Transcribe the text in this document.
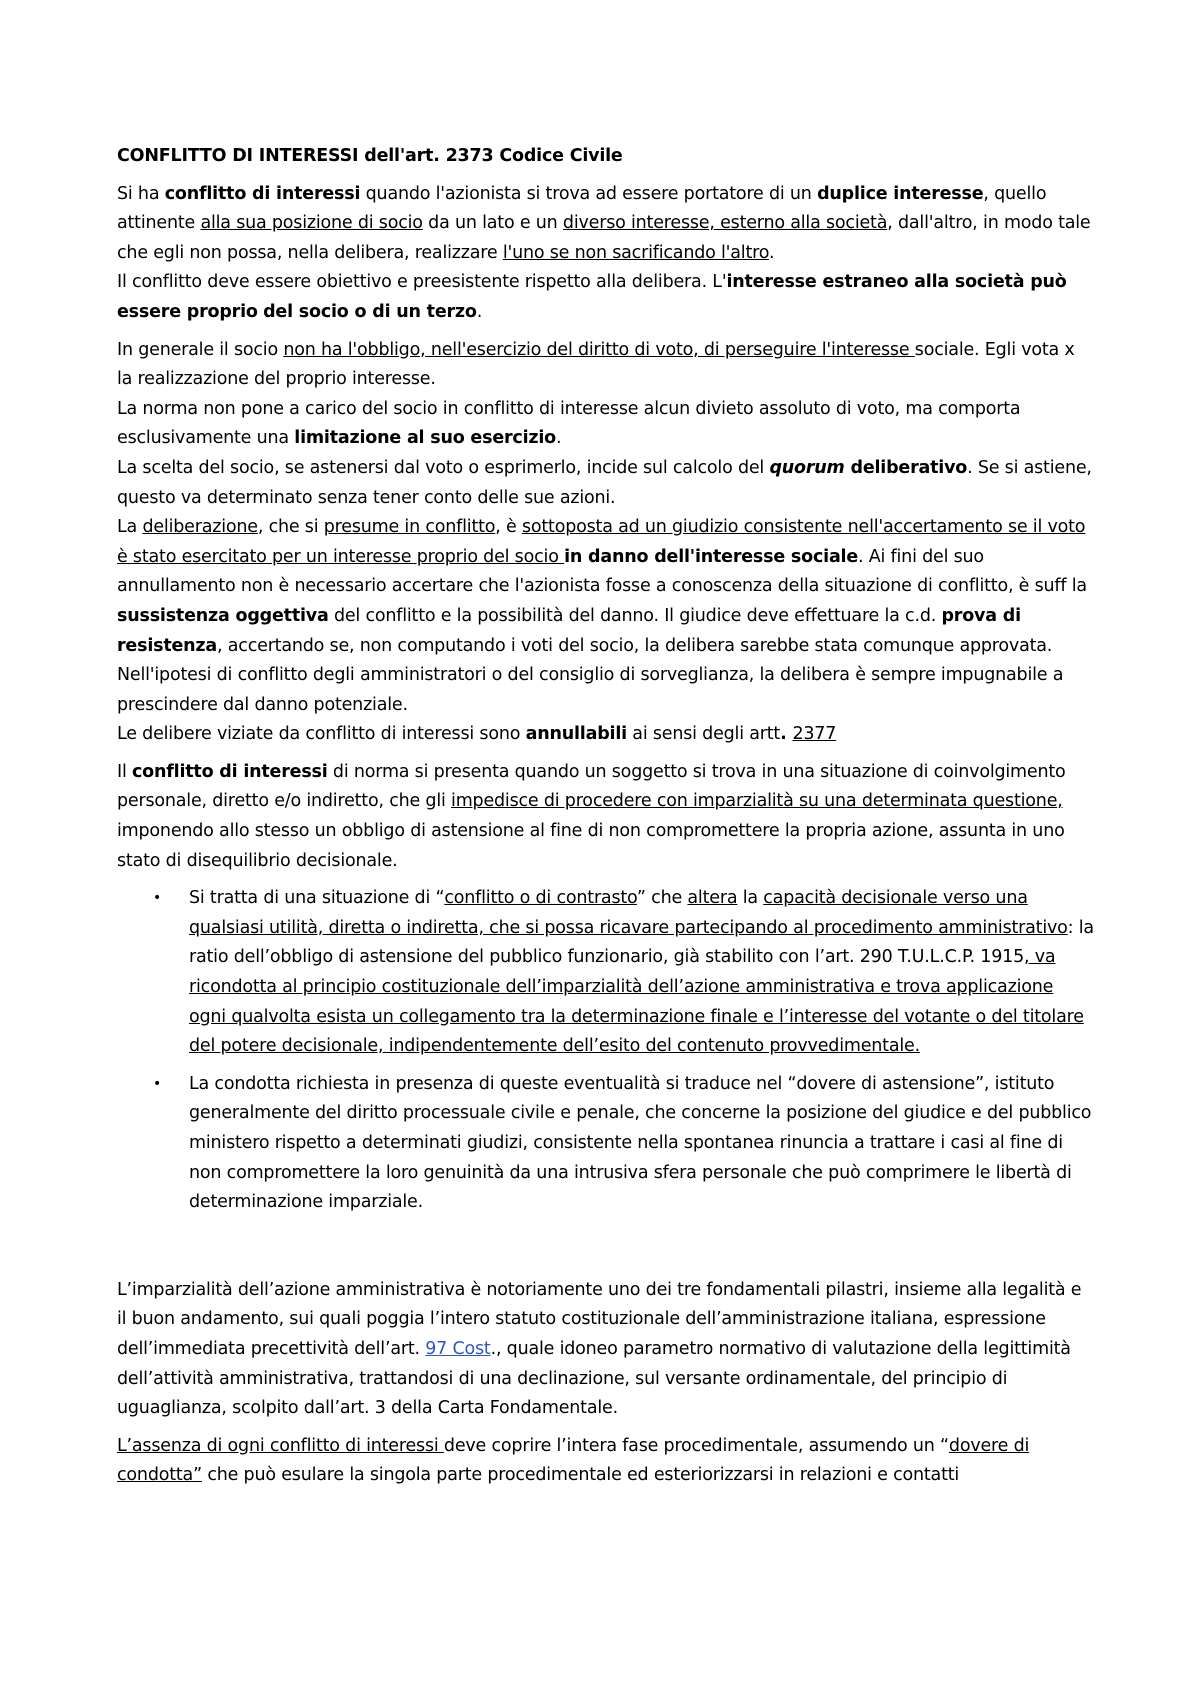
CONFLITTO DI INTERESSI dell'art. 2373 Codice Civile

Si ha conflitto di interessi quando l'azionista si trova ad essere portatore di un duplice interesse, quello attinente alla sua posizione di socio da un lato e un diverso interesse, esterno alla società, dall'altro, in modo tale che egli non possa, nella delibera, realizzare l'uno se non sacrificando l'altro.

Il conflitto deve essere obiettivo e preesistente rispetto alla delibera. L'interesse estraneo alla società può essere proprio del socio o di un terzo.

In generale il socio non ha l'obbligo, nell'esercizio del diritto di voto, di perseguire l'interesse sociale. Egli vota x la realizzazione del proprio interesse.

La norma non pone a carico del socio in conflitto di interesse alcun divieto assoluto di voto, ma comporta esclusivamente una limitazione al suo esercizio.

La scelta del socio, se astenersi dal voto o esprimerlo, incide sul calcolo del quorum deliberativo. Se si astiene, questo va determinato senza tener conto delle sue azioni.

La deliberazione, che si presume in conflitto, è sottoposta ad un giudizio consistente nell'accertamento se il voto è stato esercitato per un interesse proprio del socio in danno dell'interesse sociale. Ai fini del suo annullamento non è necessario accertare che l'azionista fosse a conoscenza della situazione di conflitto, è suff la sussistenza oggettiva del conflitto e la possibilità del danno. Il giudice deve effettuare la c.d. prova di resistenza, accertando se, non computando i voti del socio, la delibera sarebbe stata comunque approvata.

Nell'ipotesi di conflitto degli amministratori o del consiglio di sorveglianza, la delibera è sempre impugnabile a prescindere dal danno potenziale.

Le delibere viziate da conflitto di interessi sono annullabili ai sensi degli artt. 2377

Il conflitto di interessi di norma si presenta quando un soggetto si trova in una situazione di coinvolgimento personale, diretto e/o indiretto, che gli impedisce di procedere con imparzialità su una determinata questione, imponendo allo stesso un obbligo di astensione al fine di non compromettere la propria azione, assunta in uno stato di disequilibrio decisionale.

• Si tratta di una situazione di “conflitto o di contrasto” che altera la capacità decisionale verso una qualsiasi utilità, diretta o indiretta, che si possa ricavare partecipando al procedimento amministrativo: la ratio dell’obbligo di astensione del pubblico funzionario, già stabilito con l’art. 290 T.U.L.C.P. 1915, va ricondotta al principio costituzionale dell’imparzialità dell’azione amministrativa e trova applicazione ogni qualvolta esista un collegamento tra la determinazione finale e l’interesse del votante o del titolare del potere decisionale, indipendentemente dell’esito del contenuto provvedimentale.
• La condotta richiesta in presenza di queste eventualità si traduce nel “dovere di astensione”, istituto generalmente del diritto processuale civile e penale, che concerne la posizione del giudice e del pubblico ministero rispetto a determinati giudizi, consistente nella spontanea rinuncia a trattare i casi al fine di non compromettere la loro genuinità da una intrusiva sfera personale che può comprimere le libertà di determinazione imparziale.

L’imparzialità dell’azione amministrativa è notoriamente uno dei tre fondamentali pilastri, insieme alla legalità e il buon andamento, sui quali poggia l’intero statuto costituzionale dell’amministrazione italiana, espressione dell’immediata precettività dell’art. 97 Cost., quale idoneo parametro normativo di valutazione della legittimità dell’attività amministrativa, trattandosi di una declinazione, sul versante ordinamentale, del principio di uguaglianza, scolpito dall’art. 3 della Carta Fondamentale.

L’assenza di ogni conflitto di interessi deve coprire l’intera fase procedimentale, assumendo un “dovere di condotta” che può esulare la singola parte procedimentale ed esteriorizzarsi in relazioni e contatti
